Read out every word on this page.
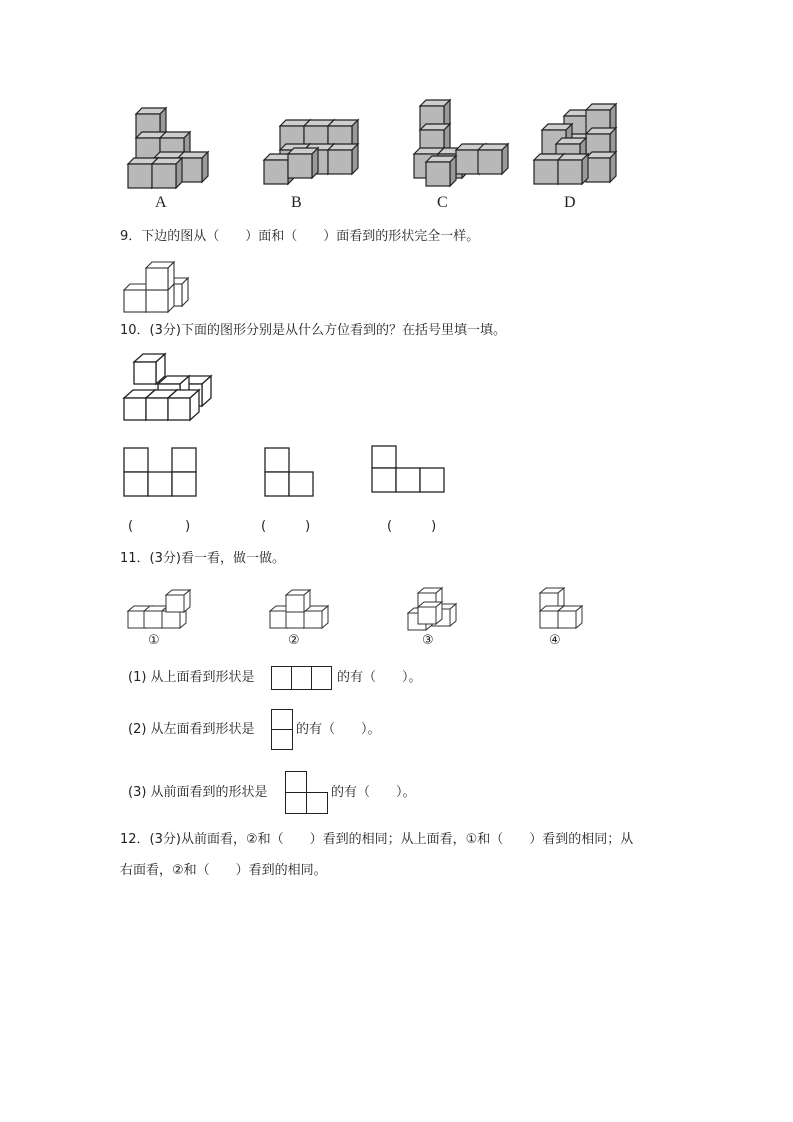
A	B	C	D
9．下边的图从（　　）面和（　　）面看到的形状完全一样。
10．(3分)下面的图形分别是从什么方位看到的？在括号里填一填。
(　　　　)	(　　　)	(　　　)
11．(3分)看一看，做一做。
①	②	③	④
(1) 从上面看到形状是	的有（　　）。
(2) 从左面看到形状是	的有（　　）。
(3) 从前面看到的形状是	的有（　　）。
12．(3分)从前面看，②和（　　）看到的相同；从上面看，①和（　　）看到的相同；从
右面看，②和（　　）看到的相同。
